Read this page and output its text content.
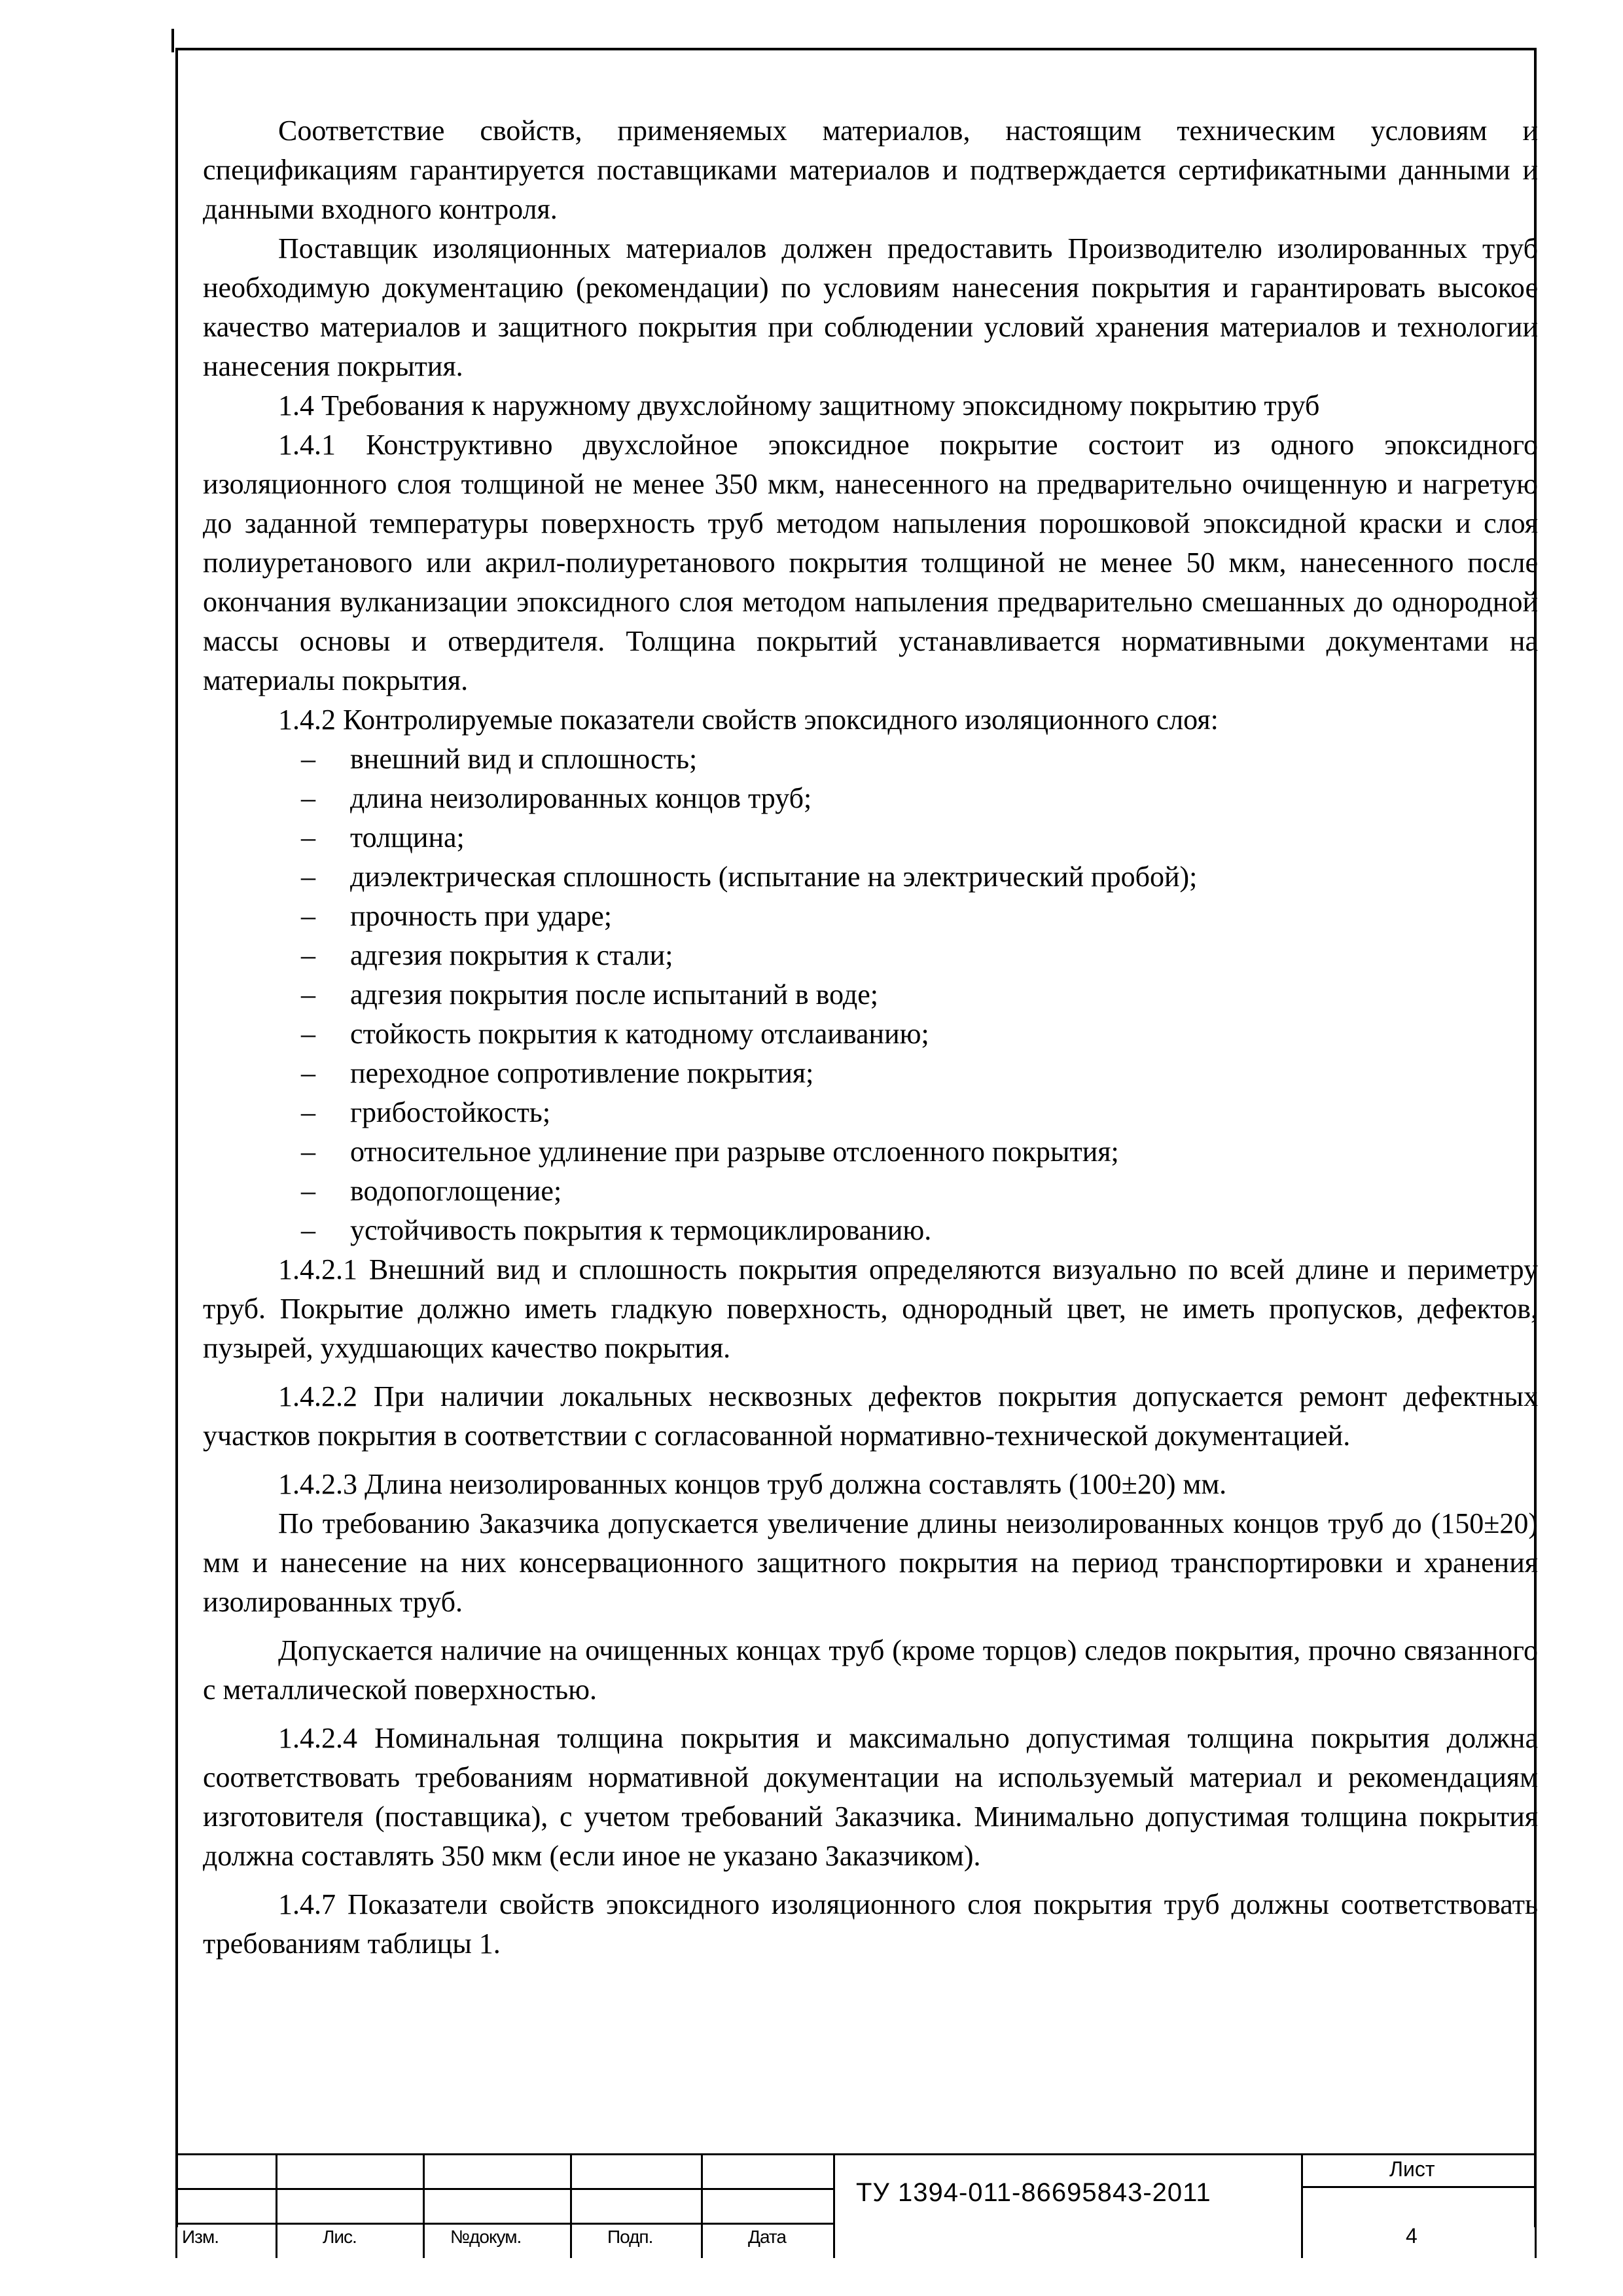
Соответствие свойств, применяемых материалов, настоящим техническим условиям и спецификациям гарантируется поставщиками материалов и подтверждается сертификатными данными и данными входного контроля.

Поставщик изоляционных материалов должен предоставить Производителю изолированных труб необходимую документацию (рекомендации) по условиям нанесения покрытия и гарантировать высокое качество материалов и защитного покрытия при соблюдении условий хранения материалов и технологии нанесения покрытия.

1.4 Требования к наружному двухслойному защитному эпоксидному покрытию труб

1.4.1 Конструктивно двухслойное эпоксидное покрытие состоит из одного эпоксидного изоляционного слоя толщиной не менее 350 мкм, нанесенного на предварительно очищенную и нагретую до заданной температуры поверхность труб методом напыления порошковой эпоксидной краски и слоя полиуретанового или акрил-полиуретанового покрытия толщиной не менее 50 мкм, нанесенного после окончания вулканизации эпоксидного слоя методом напыления предварительно смешанных до однородной массы основы и отвердителя. Толщина покрытий устанавливается нормативными документами на материалы покрытия.

1.4.2 Контролируемые показатели свойств эпоксидного изоляционного слоя:

– внешний вид и сплошность;
– длина неизолированных концов труб;
– толщина;
– диэлектрическая сплошность (испытание на электрический пробой);
– прочность при ударе;
– адгезия покрытия к стали;
– адгезия покрытия после испытаний в воде;
– стойкость покрытия к катодному отслаиванию;
– переходное сопротивление покрытия;
– грибостойкость;
– относительное удлинение при разрыве отслоенного покрытия;
– водопоглощение;
– устойчивость покрытия к термоциклированию.

1.4.2.1 Внешний вид и сплошность покрытия определяются визуально по всей длине и периметру труб. Покрытие должно иметь гладкую поверхность, однородный цвет, не иметь пропусков, дефектов, пузырей, ухудшающих качество покрытия.

1.4.2.2 При наличии локальных несквозных дефектов покрытия допускается ремонт дефектных участков покрытия в соответствии с согласованной нормативно-технической документацией.

1.4.2.3 Длина неизолированных концов труб должна составлять (100±20) мм.

По требованию Заказчика допускается увеличение длины неизолированных концов труб до (150±20) мм и нанесение на них консервационного защитного покрытия на период транспортировки и хранения изолированных труб.

Допускается наличие на очищенных концах труб (кроме торцов) следов покрытия, прочно связанного с металлической поверхностью.

1.4.2.4 Номинальная толщина покрытия и максимально допустимая толщина покрытия должна соответствовать требованиям нормативной документации на используемый материал и рекомендациям изготовителя (поставщика), с учетом требований Заказчика. Минимально допустимая толщина покрытия должна составлять 350 мкм (если иное не указано Заказчиком).

1.4.7 Показатели свойств эпоксидного изоляционного слоя покрытия труб должны соответствовать требованиям таблицы 1.

Изм.	Лис.	№докум.	Подп.	Дата
ТУ 1394-011-86695843-2011
Лист
4
